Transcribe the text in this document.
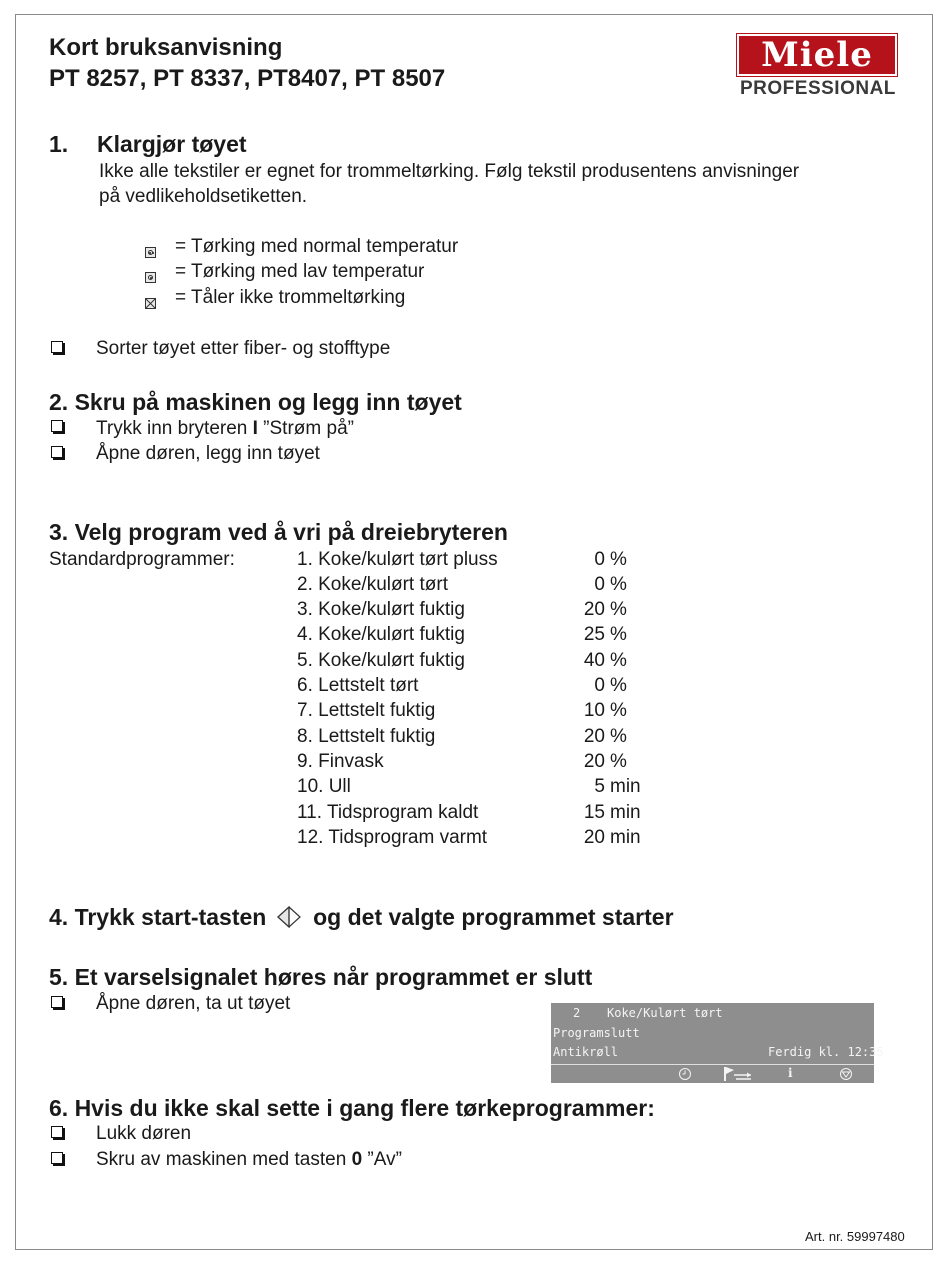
Kort bruksanvisning
PT 8257, PT 8337, PT8407, PT 8507
Miele
PROFESSIONAL
1. Klargjør tøyet
Ikke alle tekstiler er egnet for trommeltørking. Følg tekstil produsentens anvisninger
på vedlikeholdsetiketten.
= Tørking med normal temperatur
= Tørking med lav temperatur
= Tåler ikke trommeltørking
Sorter tøyet etter fiber- og stofftype
2. Skru på maskinen og legg inn tøyet
Trykk inn bryteren I ”Strøm på”
Åpne døren, legg inn tøyet
3. Velg program ved å vri på dreiebryteren
Standardprogrammer:	1. Koke/kulørt tørt pluss	0 %
2. Koke/kulørt tørt	0 %
3. Koke/kulørt fuktig	20 %
4. Koke/kulørt fuktig	25 %
5. Koke/kulørt fuktig	40 %
6. Lettstelt tørt	0 %
7. Lettstelt fuktig	10 %
8. Lettstelt fuktig	20 %
9. Finvask	20 %
10. Ull	5 min
11. Tidsprogram kaldt	15 min
12. Tidsprogram varmt	20 min
4. Trykk start-tasten og det valgte programmet starter
5. Et varselsignalet høres når programmet er slutt
Åpne døren, ta ut tøyet	2 Koke/Kulørt tørt
Programslutt
Antikrøll	Ferdig kl. 12:35
i
6. Hvis du ikke skal sette i gang flere tørkeprogrammer:
Lukk døren
Skru av maskinen med tasten 0 ”Av”
Art. nr. 59997480
